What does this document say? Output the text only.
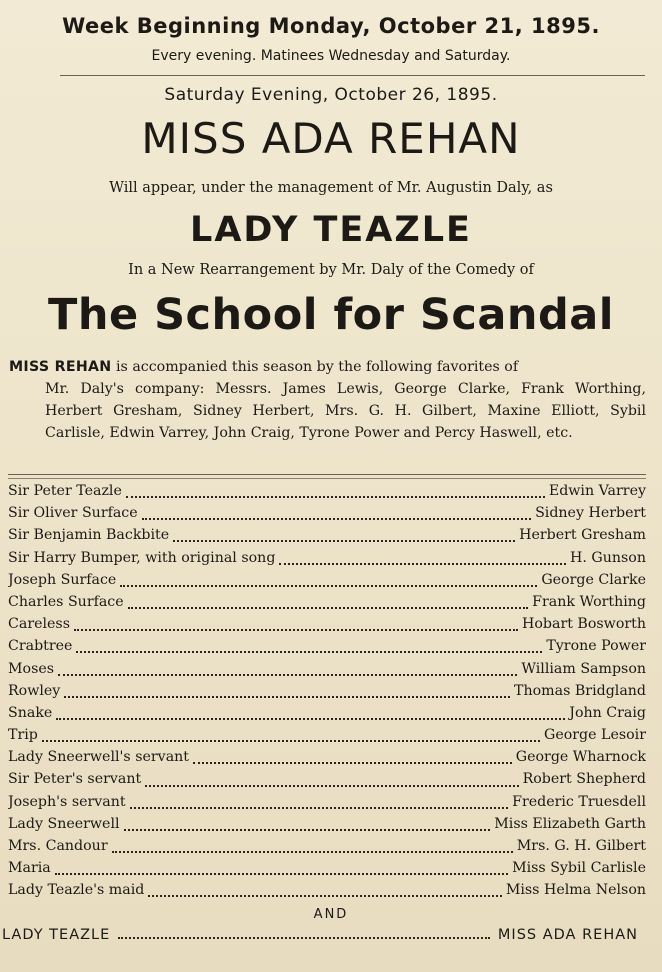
Week Beginning Monday, October 21, 1895.
Every evening. Matinees Wednesday and Saturday.
Saturday Evening, October 26, 1895.
MISS ADA REHAN
Will appear, under the management of Mr. Augustin Daly, as
LADY TEAZLE
In a New Rearrangement by Mr. Daly of the Comedy of
The School for Scandal
MISS REHAN is accompanied this season by the following favorites of
Mr. Daly's company: Messrs. James Lewis, George Clarke, Frank Worthing, Herbert Gresham, Sidney Herbert, Mrs. G. H. Gilbert, Maxine Elliott, Sybil Carlisle, Edwin Varrey, John Craig, Tyrone Power and Percy Haswell, etc.
Sir Peter Teazle	Edwin Varrey
Sir Oliver Surface	Sidney Herbert
Sir Benjamin Backbite	Herbert Gresham
Sir Harry Bumper, with original song	H. Gunson
Joseph Surface	George Clarke
Charles Surface	Frank Worthing
Careless	Hobart Bosworth
Crabtree	Tyrone Power
Moses	William Sampson
Rowley	Thomas Bridgland
Snake	John Craig
Trip	George Lesoir
Lady Sneerwell's servant	George Wharnock
Sir Peter's servant	Robert Shepherd
Joseph's servant	Frederic Truesdell
Lady Sneerwell	Miss Elizabeth Garth
Mrs. Candour	Mrs. G. H. Gilbert
Maria	Miss Sybil Carlisle
Lady Teazle's maid	Miss Helma Nelson
AND
LADY TEAZLE	MISS ADA REHAN
